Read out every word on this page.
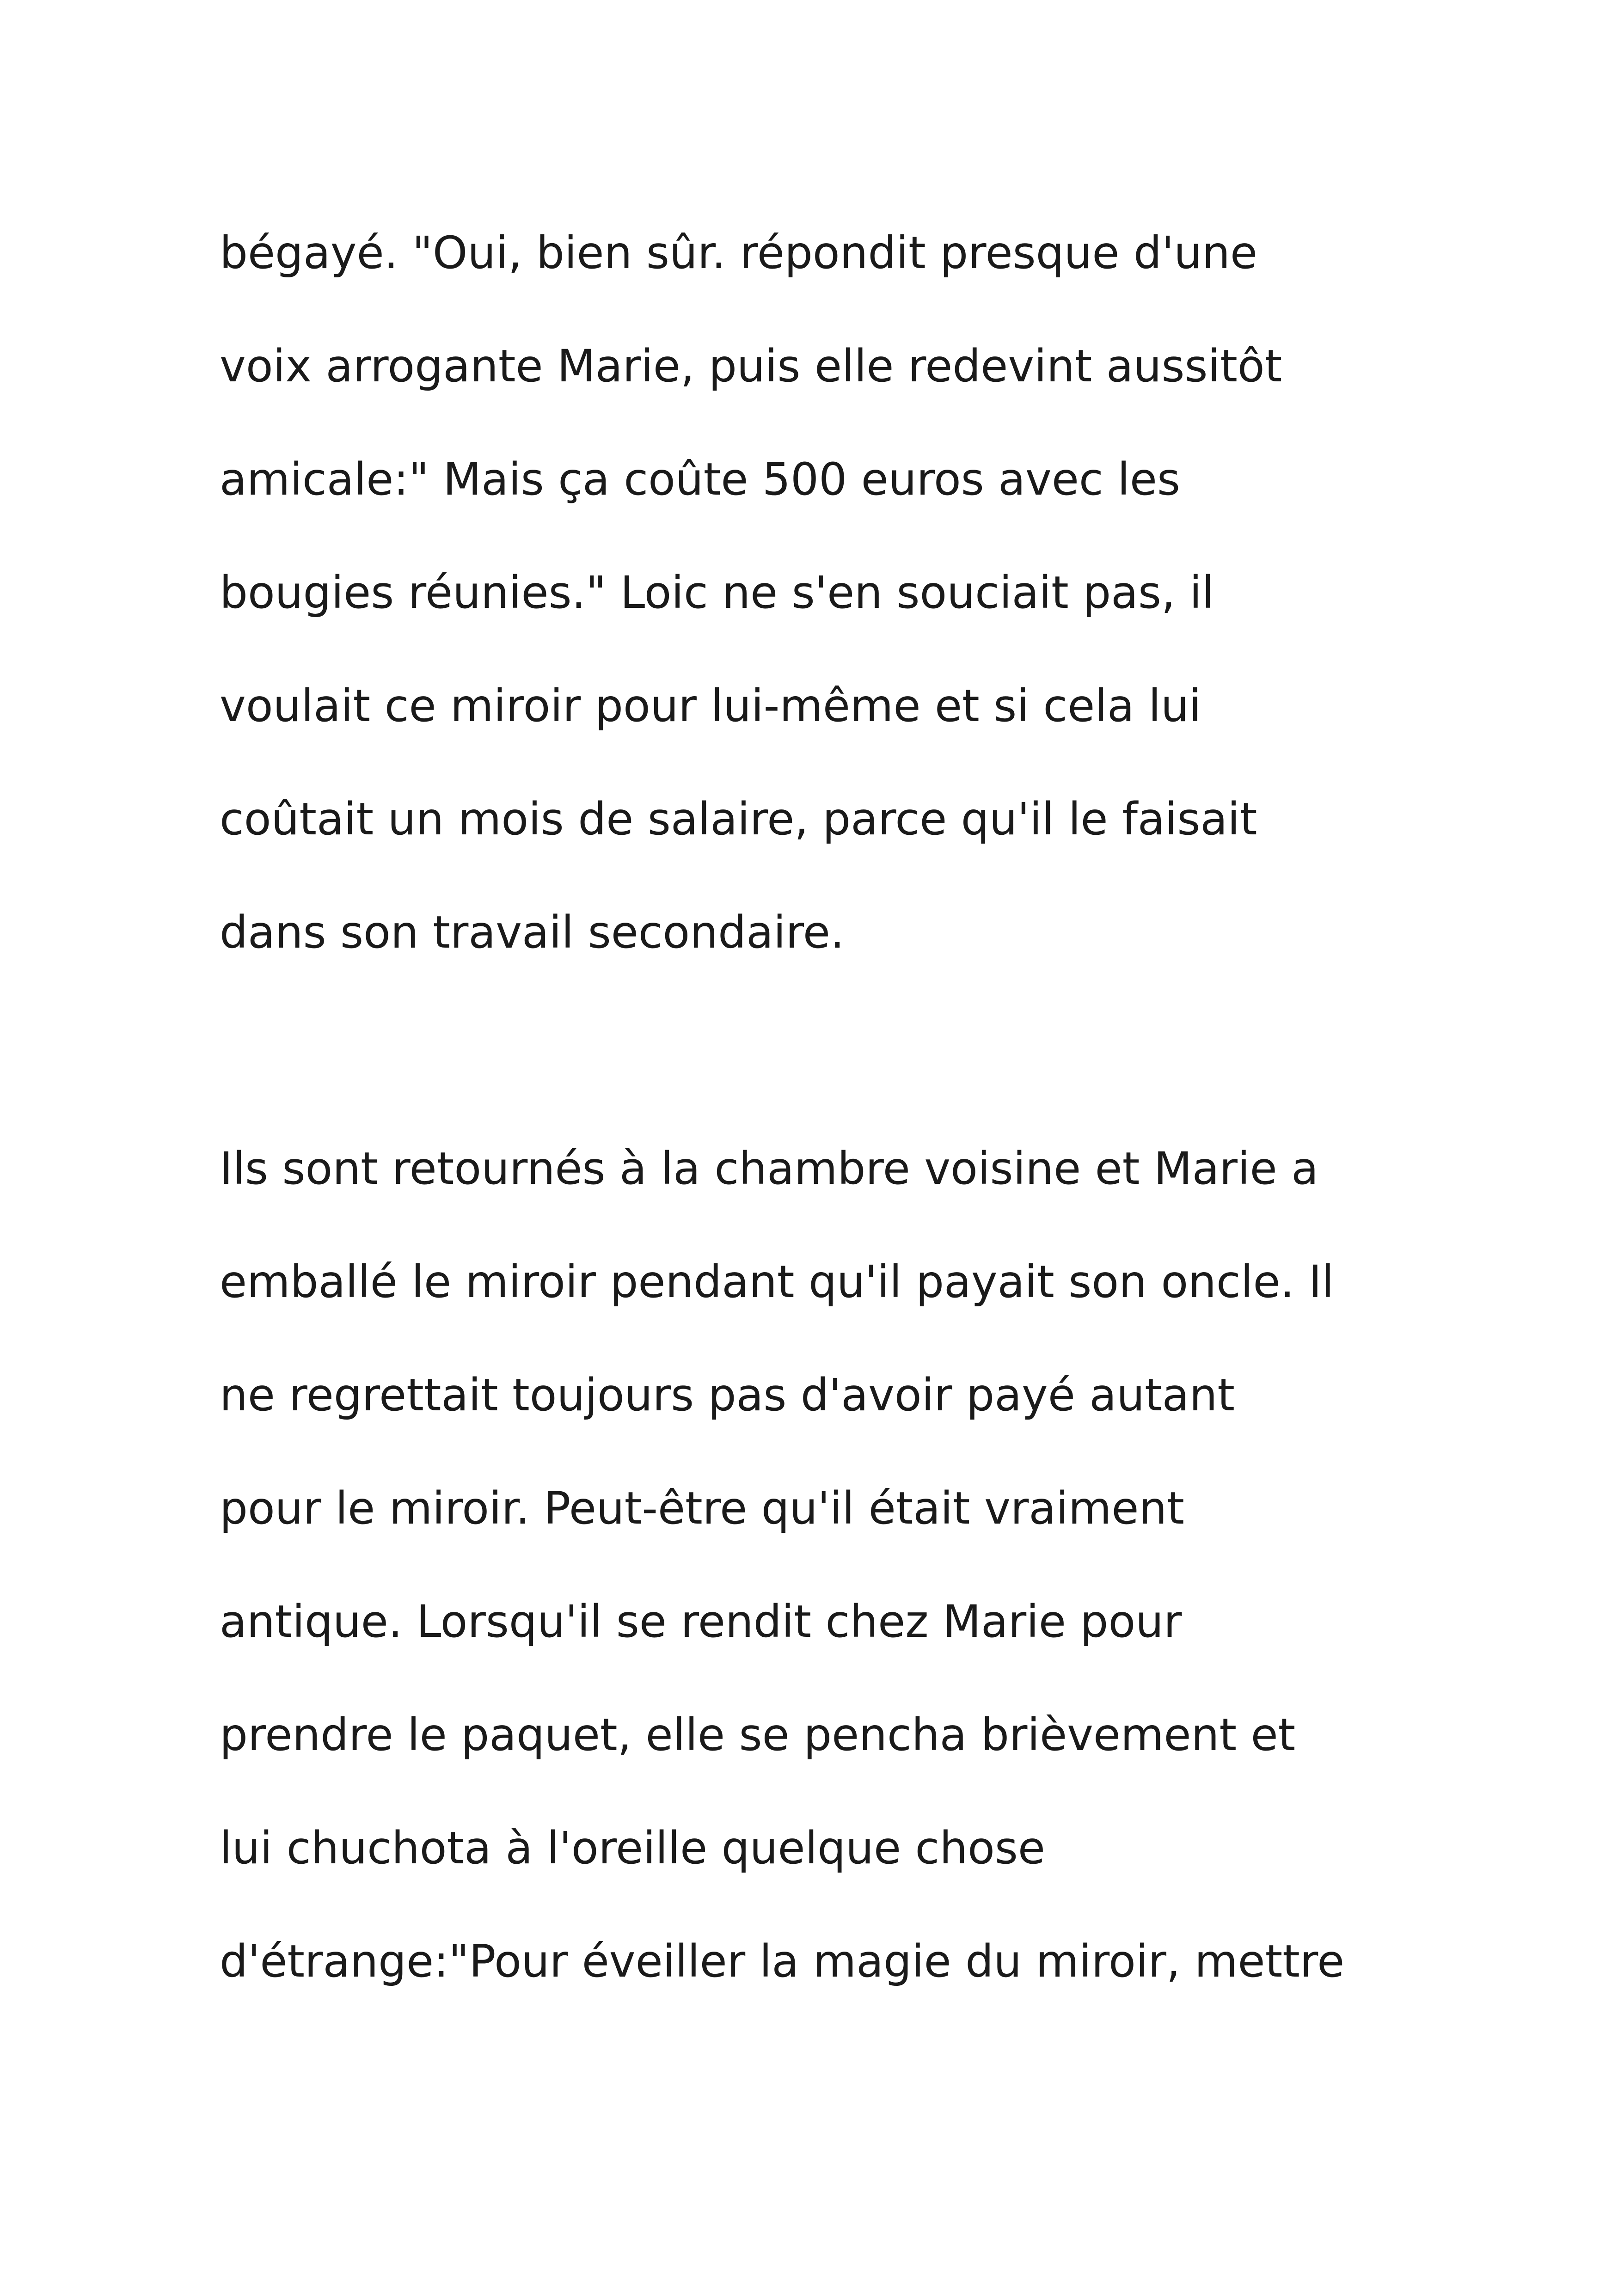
bégayé. "Oui, bien sûr. répondit presque d'une
voix arrogante Marie, puis elle redevint aussitôt
amicale:" Mais ça coûte 500 euros avec les
bougies réunies." Loic ne s'en souciait pas, il
voulait ce miroir pour lui-même et si cela lui
coûtait un mois de salaire, parce qu'il le faisait
dans son travail secondaire.
Ils sont retournés à la chambre voisine et Marie a
emballé le miroir pendant qu'il payait son oncle. Il
ne regrettait toujours pas d'avoir payé autant
pour le miroir. Peut-être qu'il était vraiment
antique. Lorsqu'il se rendit chez Marie pour
prendre le paquet, elle se pencha brièvement et
lui chuchota à l'oreille quelque chose
d'étrange:"Pour éveiller la magie du miroir, mettre
